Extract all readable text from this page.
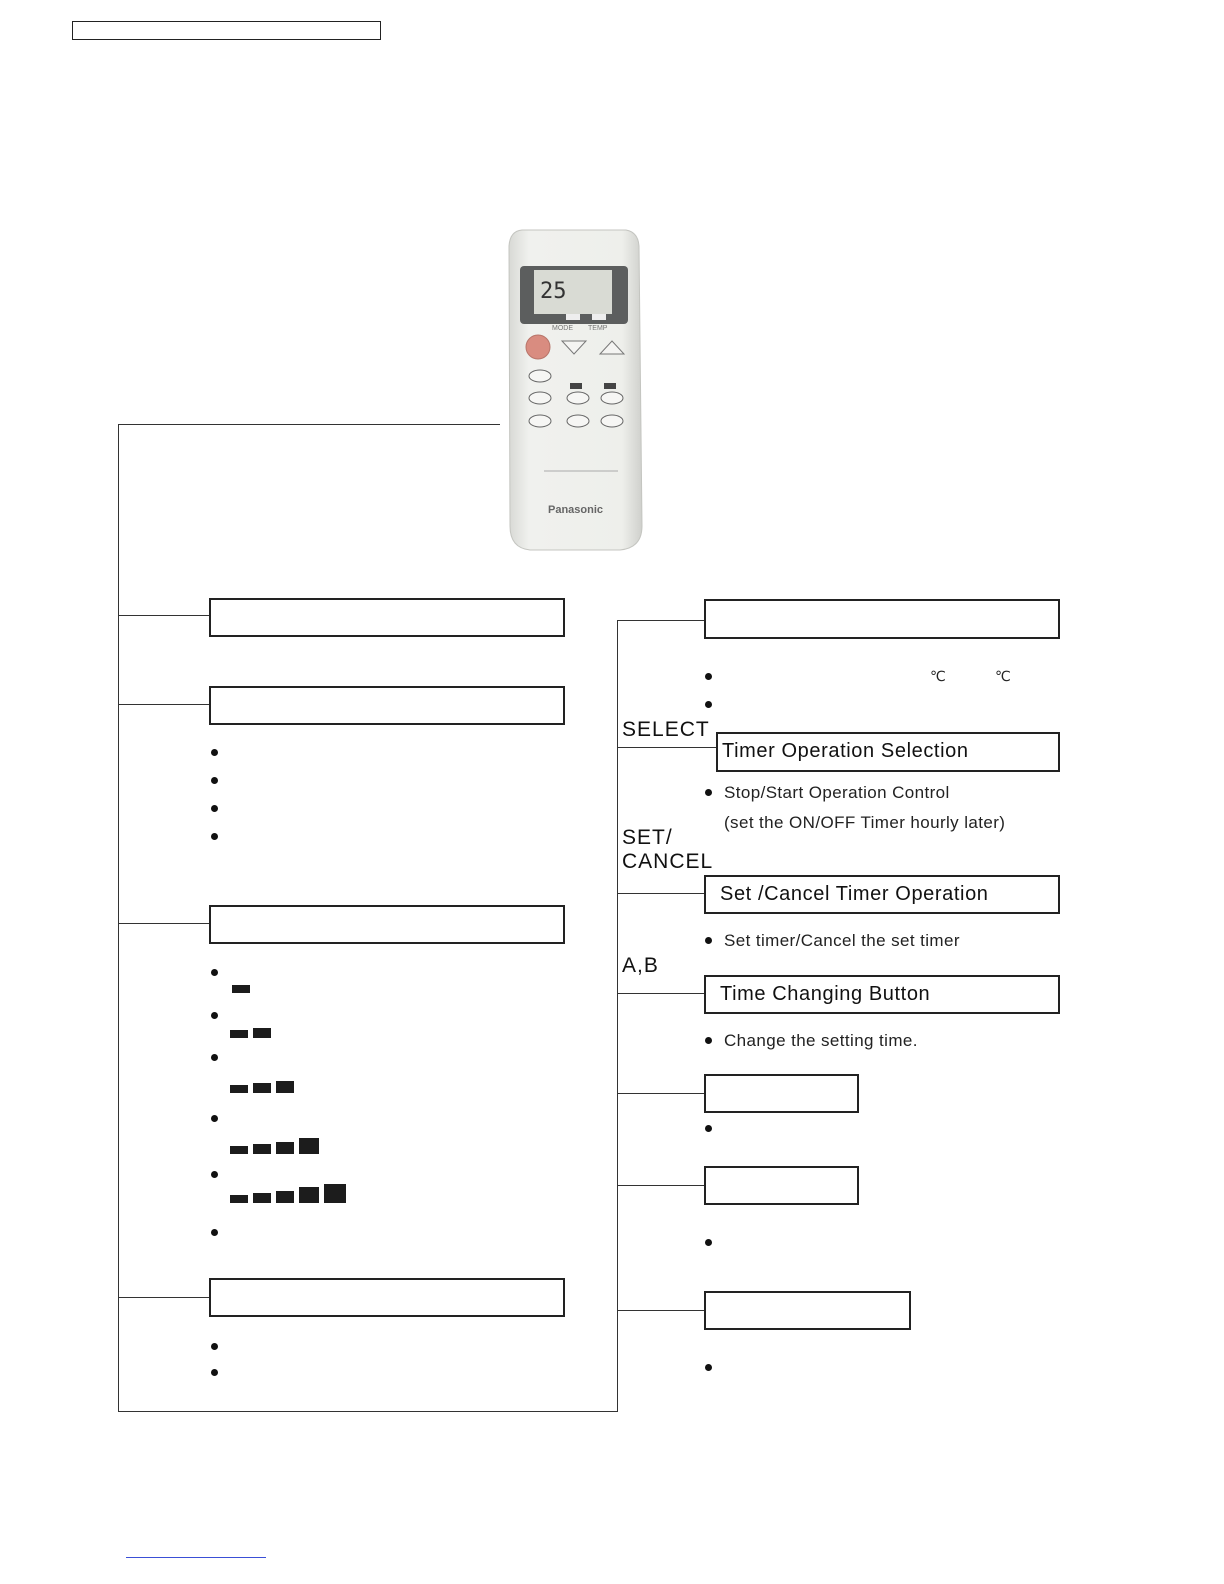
25
MODE TEMP
Panasonic
℃	℃
SELECT
Timer Operation Selection
Stop/Start Operation Control
(set the ON/OFF Timer hourly later)
SET/
CANCEL
Set /Cancel Timer Operation
Set timer/Cancel the set timer
A,B
Time Changing Button
Change the setting time.
